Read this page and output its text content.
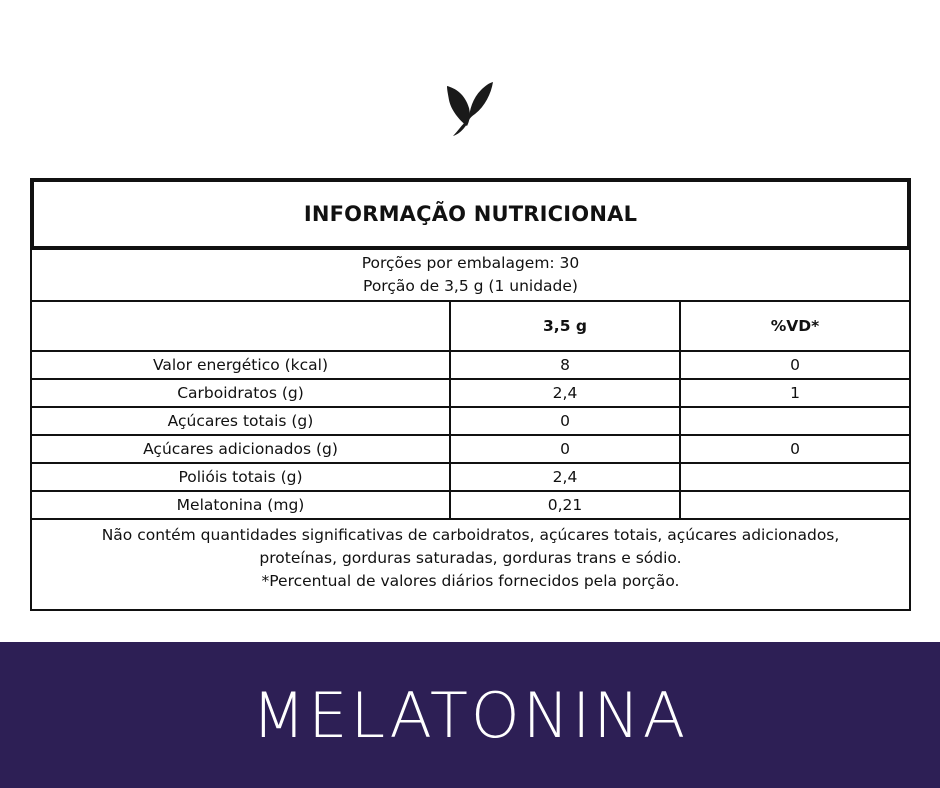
INFORMAÇÃO NUTRICIONAL
Porções por embalagem: 30
Porção de 3,5 g (1 unidade)
	3,5 g	%VD*
Valor energético (kcal)	8	0
Carboidratos (g)	2,4	1
Açúcares totais (g)	0	
Açúcares adicionados (g)	0	0
Polióis totais (g)	2,4	
Melatonina (mg)	0,21	
Não contém quantidades significativas de carboidratos, açúcares totais, açúcares adicionados,
proteínas, gorduras saturadas, gorduras trans e sódio.
*Percentual de valores diários fornecidos pela porção.
MELATONINA
